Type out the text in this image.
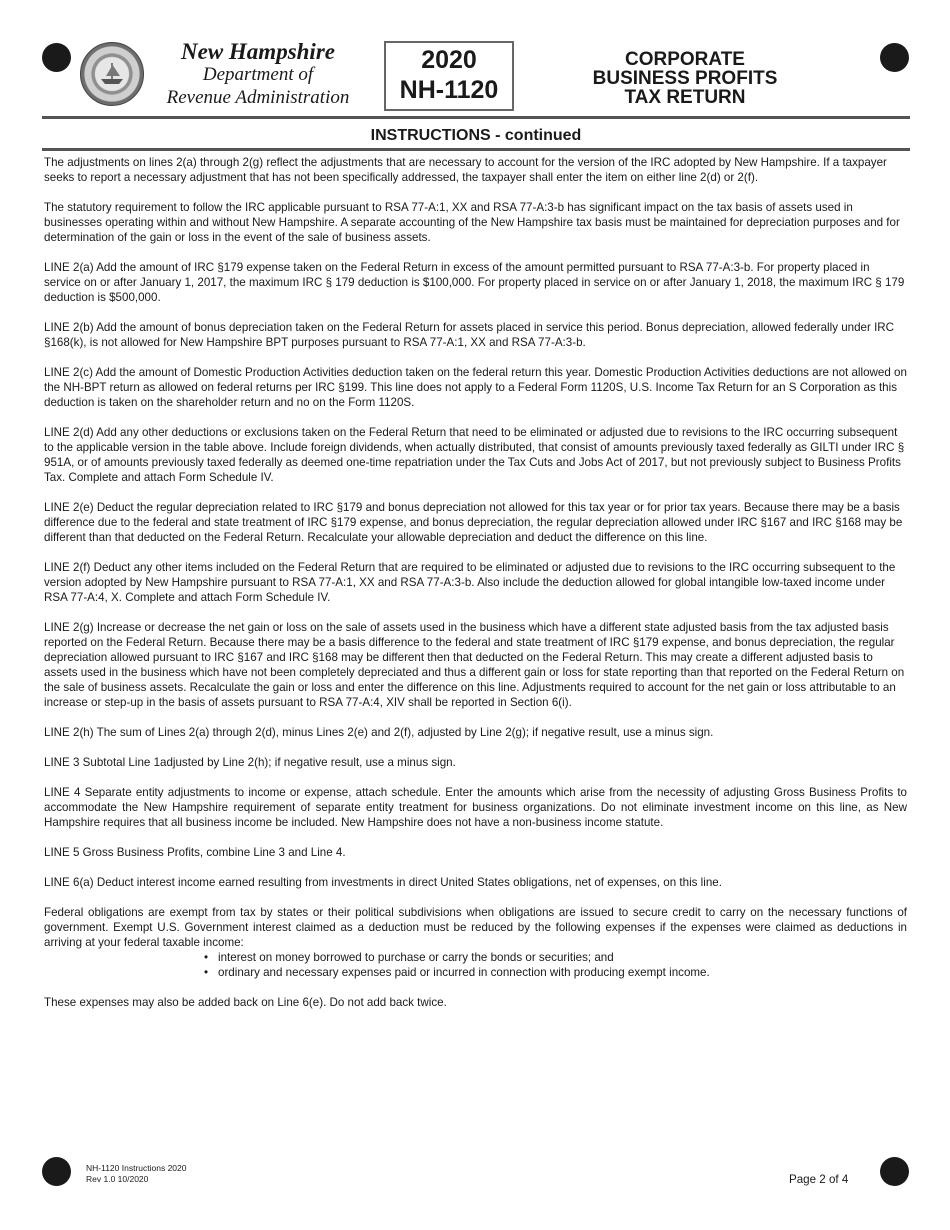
New Hampshire
Department of
Revenue Administration
2020
NH-1120
CORPORATE
BUSINESS PROFITS
TAX RETURN
INSTRUCTIONS - continued

The adjustments on lines 2(a) through 2(g) reflect the adjustments that are necessary to account for the version of the IRC adopted by New Hampshire. If a taxpayer seeks to report a necessary adjustment that has not been specifically addressed, the taxpayer shall enter the item on either line 2(d) or 2(f).

The statutory requirement to follow the IRC applicable pursuant to RSA 77-A:1, XX and RSA 77-A:3-b has significant impact on the tax basis of assets used in businesses operating within and without New Hampshire. A separate accounting of the New Hampshire tax basis must be maintained for depreciation purposes and for determination of the gain or loss in the event of the sale of business assets.

LINE 2(a) Add the amount of IRC §179 expense taken on the Federal Return in excess of the amount permitted pursuant to RSA 77-A:3-b. For property placed in service on or after January 1, 2017, the maximum IRC § 179 deduction is $100,000. For property placed in service on or after January 1, 2018, the maximum IRC § 179 deduction is $500,000.

LINE 2(b) Add the amount of bonus depreciation taken on the Federal Return for assets placed in service this period. Bonus depreciation, allowed federally under IRC §168(k), is not allowed for New Hampshire BPT purposes pursuant to RSA 77-A:1, XX and RSA 77-A:3-b.

LINE 2(c) Add the amount of Domestic Production Activities deduction taken on the federal return this year. Domestic Production Activities deductions are not allowed on the NH-BPT return as allowed on federal returns per IRC §199. This line does not apply to a Federal Form 1120S, U.S. Income Tax Return for an S Corporation as this deduction is taken on the shareholder return and no on the Form 1120S.

LINE 2(d) Add any other deductions or exclusions taken on the Federal Return that need to be eliminated or adjusted due to revisions to the IRC occurring subsequent to the applicable version in the table above. Include foreign dividends, when actually distributed, that consist of amounts previously taxed federally as GILTI under IRC § 951A, or of amounts previously taxed federally as deemed one-time repatriation under the Tax Cuts and Jobs Act of 2017, but not previously subject to Business Profits Tax. Complete and attach Form Schedule IV.

LINE 2(e) Deduct the regular depreciation related to IRC §179 and bonus depreciation not allowed for this tax year or for prior tax years. Because there may be a basis difference due to the federal and state treatment of IRC §179 expense, and bonus depreciation, the regular depreciation allowed under IRC §167 and IRC §168 may be different than that deducted on the Federal Return. Recalculate your allowable depreciation and deduct the difference on this line.

LINE 2(f) Deduct any other items included on the Federal Return that are required to be eliminated or adjusted due to revisions to the IRC occurring subsequent to the version adopted by New Hampshire pursuant to RSA 77-A:1, XX and RSA 77-A:3-b. Also include the deduction allowed for global intangible low-taxed income under RSA 77-A:4, X. Complete and attach Form Schedule IV.

LINE 2(g) Increase or decrease the net gain or loss on the sale of assets used in the business which have a different state adjusted basis from the tax adjusted basis reported on the Federal Return. Because there may be a basis difference to the federal and state treatment of IRC §179 expense, and bonus depreciation, the regular depreciation allowed pursuant to IRC §167 and IRC §168 may be different then that deducted on the Federal Return. This may create a different adjusted basis to assets used in the business which have not been completely depreciated and thus a different gain or loss for state reporting than that reported on the Federal Return on the sale of business assets. Recalculate the gain or loss and enter the difference on this line. Adjustments required to account for the net gain or loss attributable to an increase or step-up in the basis of assets pursuant to RSA 77-A:4, XIV shall be reported in Section 6(i).

LINE 2(h) The sum of Lines 2(a) through 2(d), minus Lines 2(e) and 2(f), adjusted by Line 2(g); if negative result, use a minus sign.

LINE 3 Subtotal Line 1adjusted by Line 2(h); if negative result, use a minus sign.

LINE 4 Separate entity adjustments to income or expense, attach schedule. Enter the amounts which arise from the necessity of adjusting Gross Business Profits to accommodate the New Hampshire requirement of separate entity treatment for business organizations. Do not eliminate investment income on this line, as New Hampshire requires that all business income be included. New Hampshire does not have a non-business income statute.

LINE 5 Gross Business Profits, combine Line 3 and Line 4.

LINE 6(a) Deduct interest income earned resulting from investments in direct United States obligations, net of expenses, on this line.

Federal obligations are exempt from tax by states or their political subdivisions when obligations are issued to secure credit to carry on the necessary functions of government. Exempt U.S. Government interest claimed as a deduction must be reduced by the following expenses if the expenses were claimed as deductions in arriving at your federal taxable income:

• interest on money borrowed to purchase or carry the bonds or securities; and
• ordinary and necessary expenses paid or incurred in connection with producing exempt income.

These expenses may also be added back on Line 6(e). Do not add back twice.

NH-1120 Instructions 2020
Rev 1.0 10/2020	Page 2 of 4
